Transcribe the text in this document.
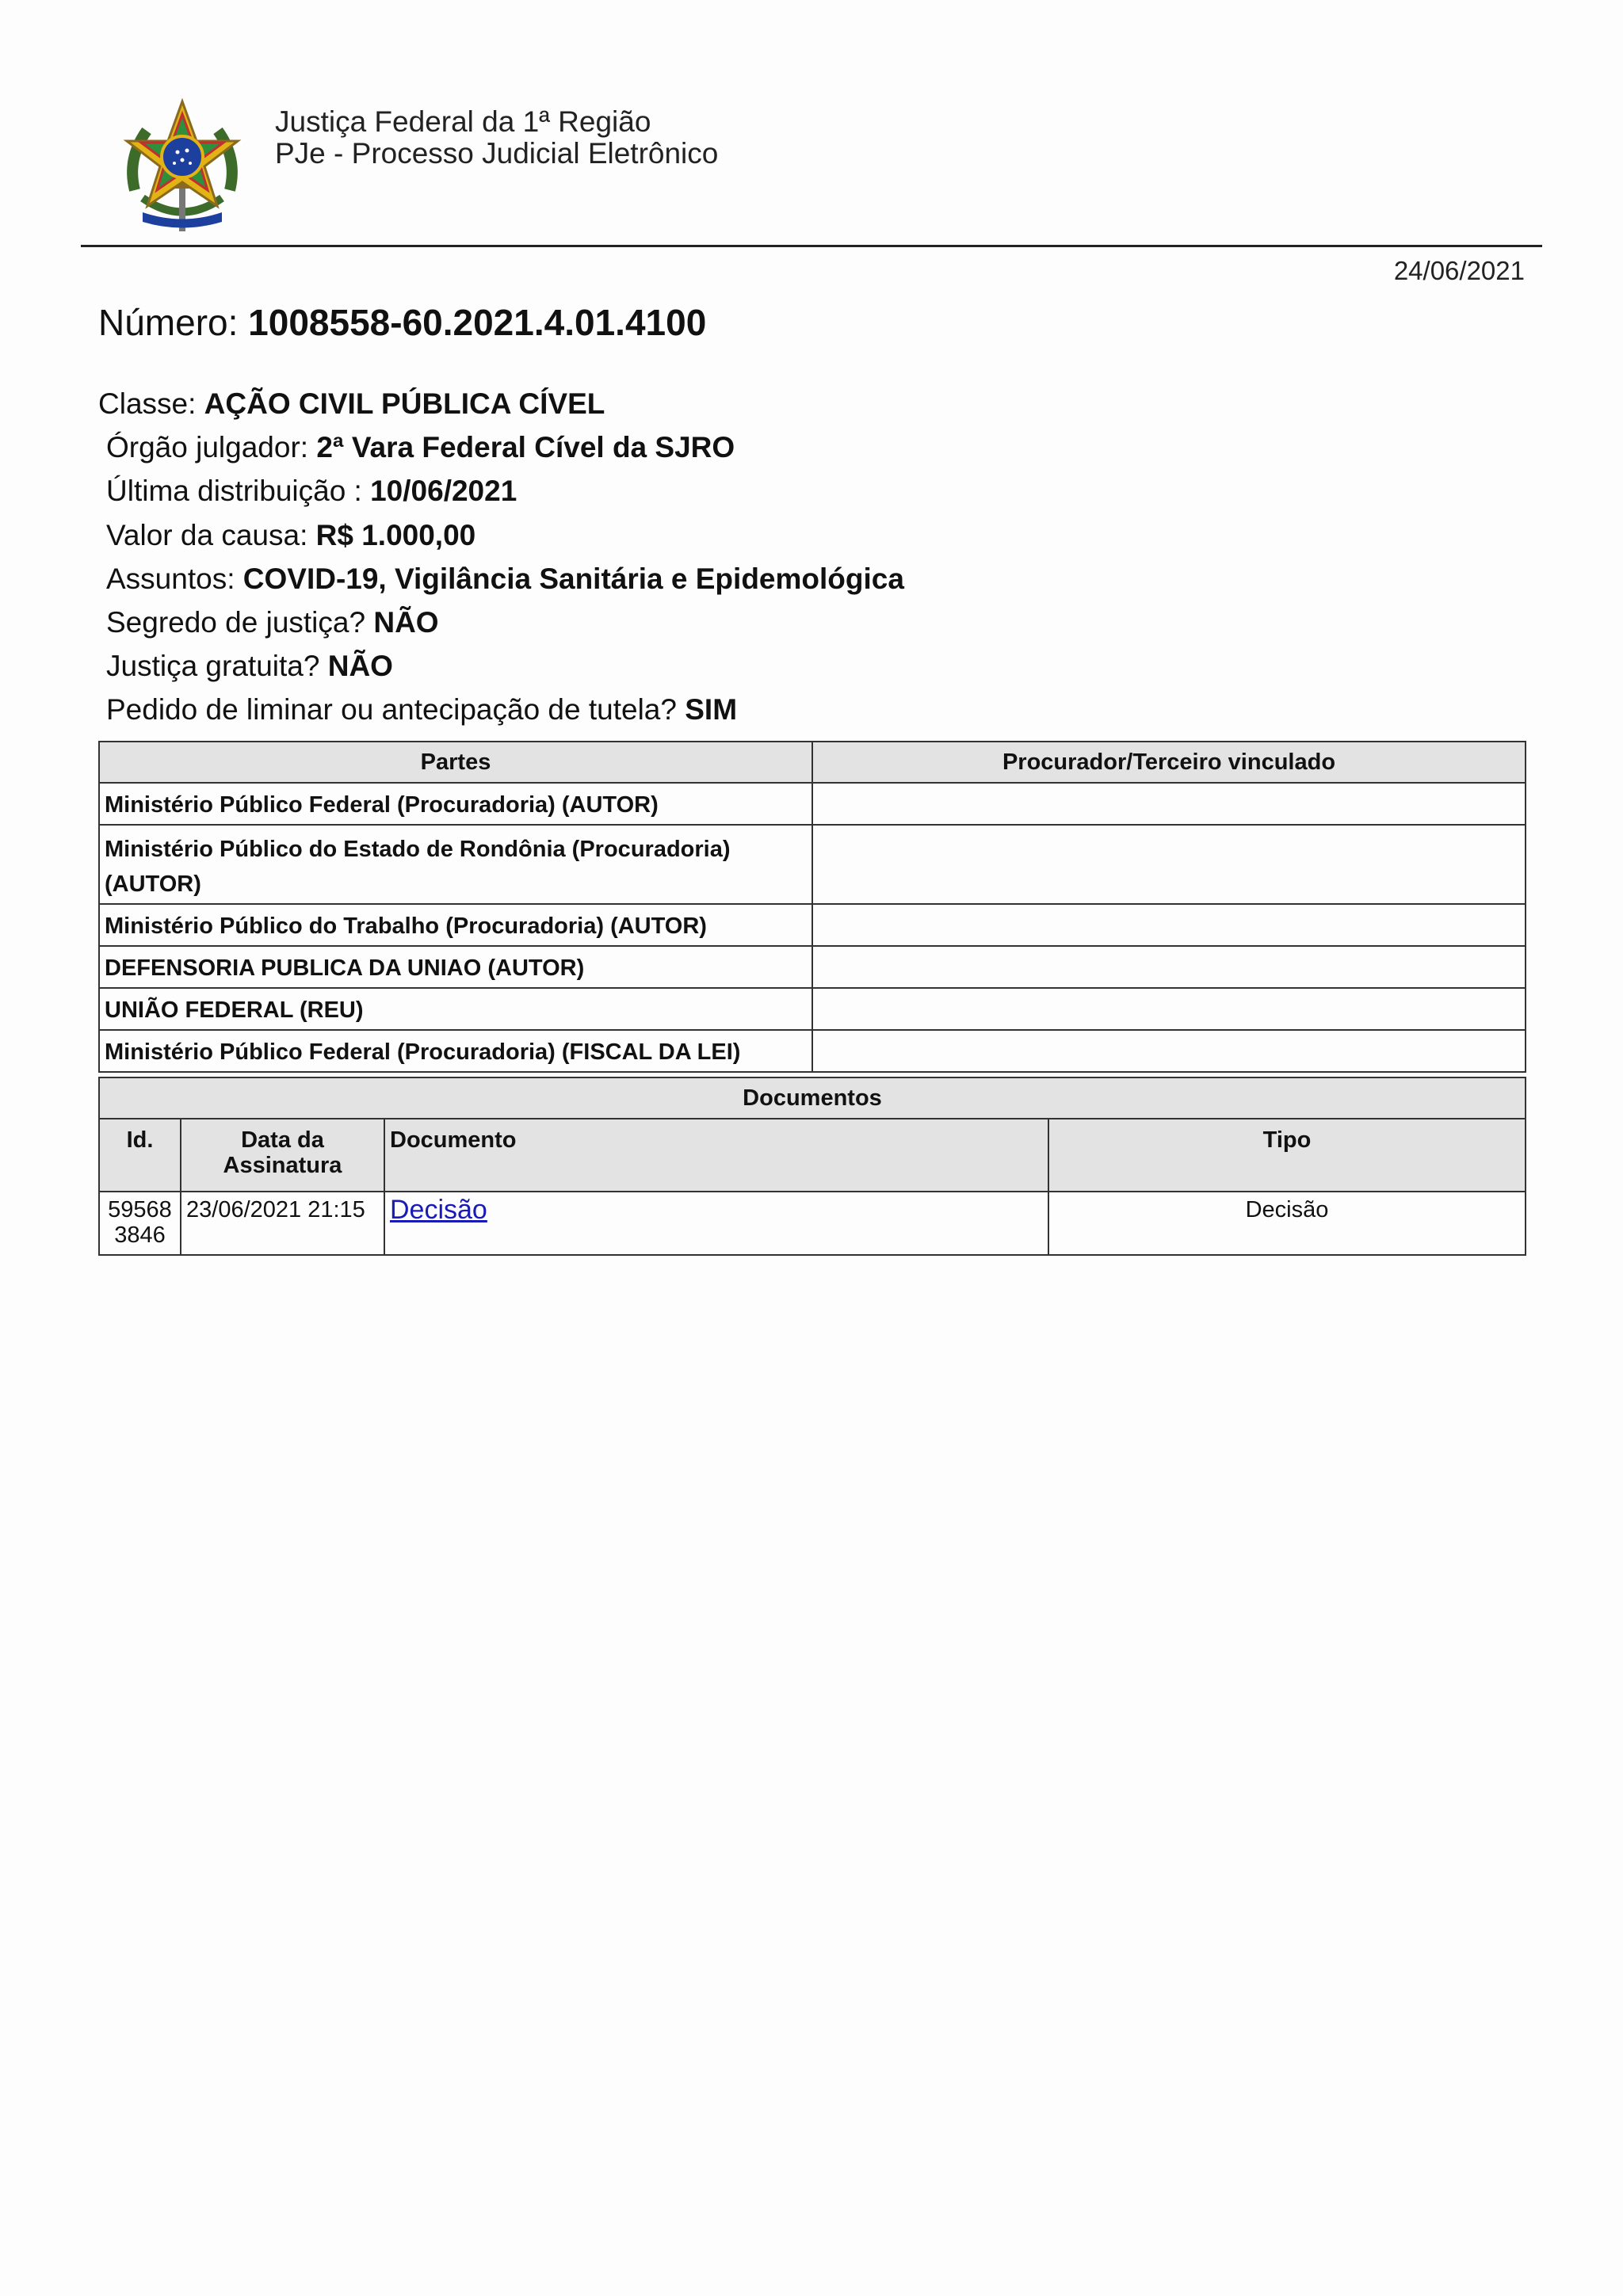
Justiça Federal da 1ª Região
PJe - Processo Judicial Eletrônico
24/06/2021
Número: 1008558-60.2021.4.01.4100
Classe: AÇÃO CIVIL PÚBLICA CÍVEL
Órgão julgador: 2ª Vara Federal Cível da SJRO
Última distribuição : 10/06/2021
Valor da causa: R$ 1.000,00
Assuntos: COVID-19, Vigilância Sanitária e Epidemológica
Segredo de justiça? NÃO
Justiça gratuita? NÃO
Pedido de liminar ou antecipação de tutela? SIM
Partes	Procurador/Terceiro vinculado
Ministério Público Federal (Procuradoria) (AUTOR)	
Ministério Público do Estado de Rondônia (Procuradoria) (AUTOR)	
Ministério Público do Trabalho (Procuradoria) (AUTOR)	
DEFENSORIA PUBLICA DA UNIAO (AUTOR)	
UNIÃO FEDERAL (REU)	
Ministério Público Federal (Procuradoria) (FISCAL DA LEI)	
Documentos			
Id.	Data da Assinatura	Documento	Tipo
59568 3846	23/06/2021 21:15	Decisão	Decisão
